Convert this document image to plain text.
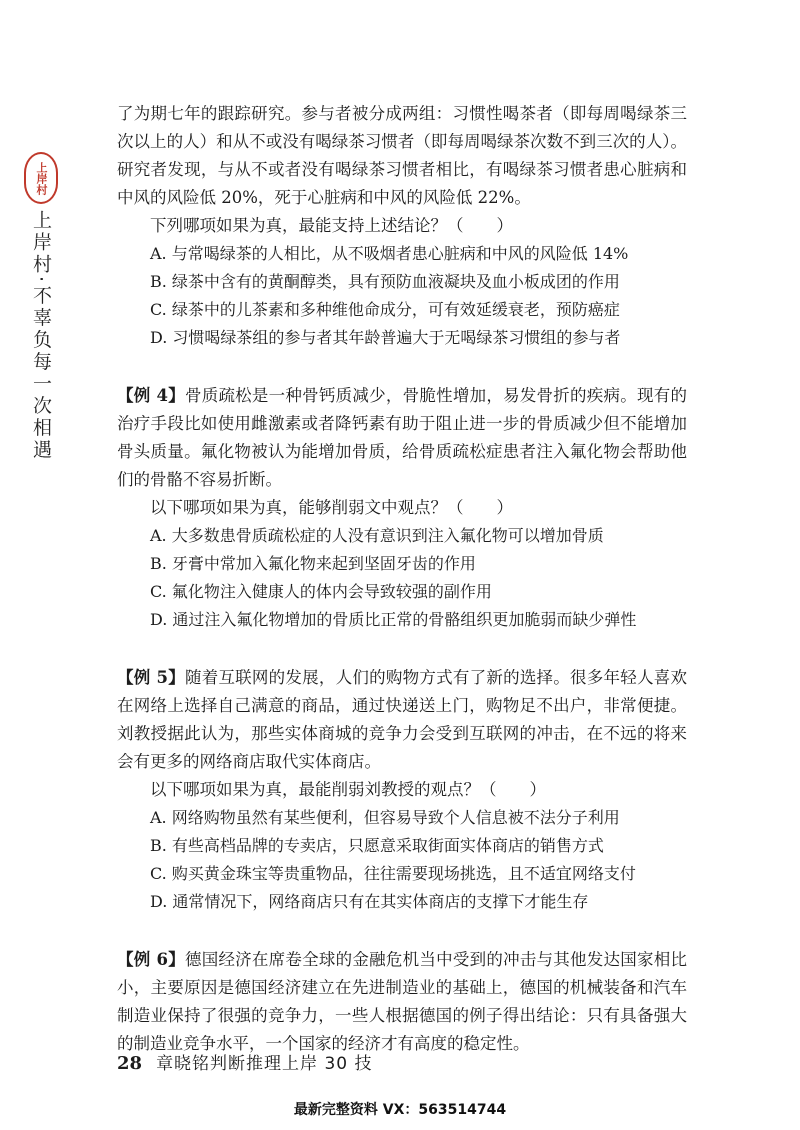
上岸村
上岸村·不辜负每一次相遇

了为期七年的跟踪研究。参与者被分成两组：习惯性喝茶者（即每周喝绿茶三次以上的人）和从不或没有喝绿茶习惯者（即每周喝绿茶次数不到三次的人）。研究者发现，与从不或者没有喝绿茶习惯者相比，有喝绿茶习惯者患心脏病和中风的风险低 20%，死于心脏病和中风的风险低 22%。

下列哪项如果为真，最能支持上述结论？（　　）

A. 与常喝绿茶的人相比，从不吸烟者患心脏病和中风的风险低 14%

B. 绿茶中含有的黄酮醇类，具有预防血液凝块及血小板成团的作用

C. 绿茶中的儿茶素和多种维他命成分，可有效延缓衰老，预防癌症

D. 习惯喝绿茶组的参与者其年龄普遍大于无喝绿茶习惯组的参与者

【例 4】骨质疏松是一种骨钙质减少，骨脆性增加，易发骨折的疾病。现有的治疗手段比如使用雌激素或者降钙素有助于阻止进一步的骨质减少但不能增加骨头质量。氟化物被认为能增加骨质，给骨质疏松症患者注入氟化物会帮助他们的骨骼不容易折断。

以下哪项如果为真，能够削弱文中观点？（　　）

A. 大多数患骨质疏松症的人没有意识到注入氟化物可以增加骨质

B. 牙膏中常加入氟化物来起到坚固牙齿的作用

C. 氟化物注入健康人的体内会导致较强的副作用

D. 通过注入氟化物增加的骨质比正常的骨骼组织更加脆弱而缺少弹性

【例 5】随着互联网的发展，人们的购物方式有了新的选择。很多年轻人喜欢在网络上选择自己满意的商品，通过快递送上门，购物足不出户，非常便捷。刘教授据此认为，那些实体商城的竞争力会受到互联网的冲击，在不远的将来会有更多的网络商店取代实体商店。

以下哪项如果为真，最能削弱刘教授的观点？（　　）

A. 网络购物虽然有某些便利，但容易导致个人信息被不法分子利用

B. 有些高档品牌的专卖店，只愿意采取街面实体商店的销售方式

C. 购买黄金珠宝等贵重物品，往往需要现场挑选，且不适宜网络支付

D. 通常情况下，网络商店只有在其实体商店的支撑下才能生存

【例 6】德国经济在席卷全球的金融危机当中受到的冲击与其他发达国家相比小，主要原因是德国经济建立在先进制造业的基础上，德国的机械装备和汽车制造业保持了很强的竞争力，一些人根据德国的例子得出结论：只有具备强大的制造业竞争水平，一个国家的经济才有高度的稳定性。

28 章晓铭判断推理上岸 30 技
最新完整资料 VX：563514744
